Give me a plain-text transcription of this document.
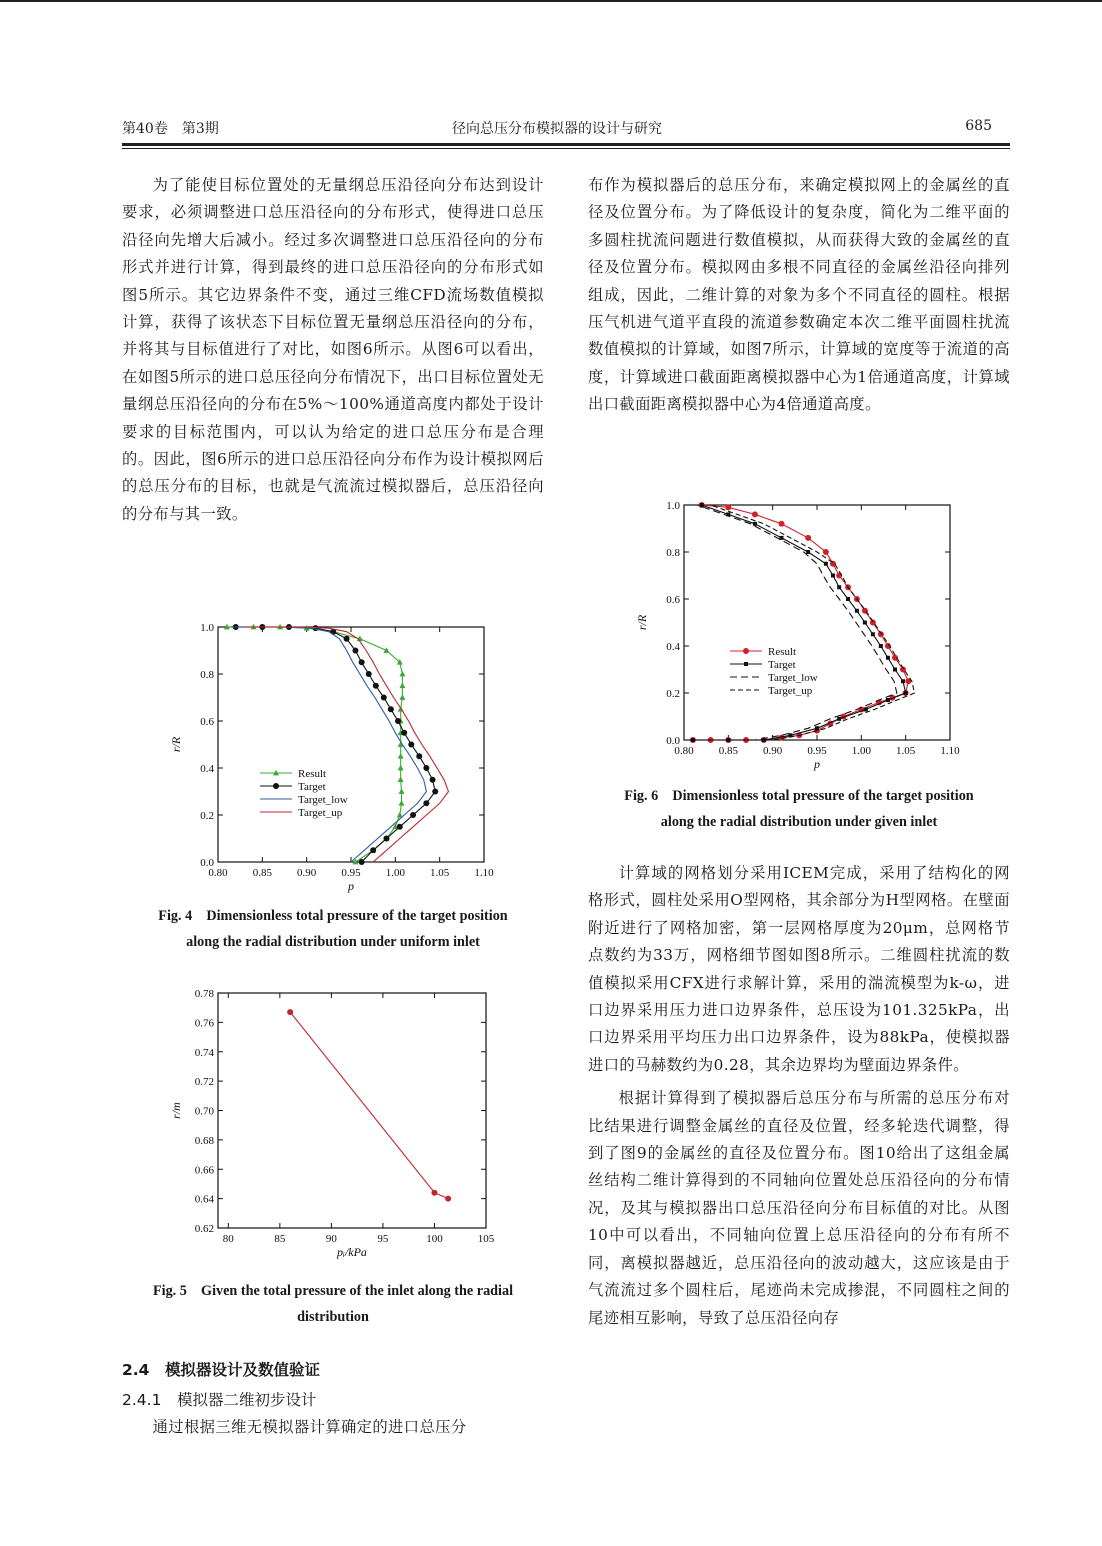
第40卷　第3期	径向总压分布模拟器的设计与研究	685

为了能使目标位置处的无量纲总压沿径向分布达到设计要求，必须调整进口总压沿径向的分布形式，使得进口总压沿径向先增大后减小。经过多次调整进口总压沿径向的分布形式并进行计算，得到最终的进口总压沿径向的分布形式如图5所示。其它边界条件不变，通过三维CFD流场数值模拟计算，获得了该状态下目标位置无量纲总压沿径向的分布，并将其与目标值进行了对比，如图6所示。从图6可以看出，在如图5所示的进口总压径向分布情况下，出口目标位置处无量纲总压沿径向的分布在5%～100%通道高度内都处于设计要求的目标范围内，可以认为给定的进口总压分布是合理的。因此，图6所示的进口总压沿径向分布作为设计模拟网后的总压分布的目标，也就是气流流过模拟器后，总压沿径向的分布与其一致。

0.80 0.85 0.90 0.95 1.00 1.05 1.10
0.0
0.2
0.4
0.6
0.8
1.0
p
r/R
Result
Target
Target_low
Target_up
Fig. 4　Dimensionless total pressure of the target position
along the radial distribution under uniform inlet
80	85	90	95	100	105
0.62
0.64
0.66
0.68
0.70
0.72
0.74
0.76
0.78
pᵢ/kPa
r/m
Fig. 5　Given the total pressure of the inlet along the radial
distribution
2.4　模拟器设计及数值验证
2.4.1　模拟器二维初步设计

通过根据三维无模拟器计算确定的进口总压分

布作为模拟器后的总压分布，来确定模拟网上的金属丝的直径及位置分布。为了降低设计的复杂度，简化为二维平面的多圆柱扰流问题进行数值模拟，从而获得大致的金属丝的直径及位置分布。模拟网由多根不同直径的金属丝沿径向排列组成，因此，二维计算的对象为多个不同直径的圆柱。根据压气机进气道平直段的流道参数确定本次二维平面圆柱扰流数值模拟的计算域，如图7所示，计算域的宽度等于流道的高度，计算域进口截面距离模拟器中心为1倍通道高度，计算域出口截面距离模拟器中心为4倍通道高度。

0.80 0.85 0.90 0.95 1.00 1.05 1.10
0.0
0.2
0.4
0.6
0.8
1.0
p
r/R
Result
Target
Target_low
Target_up
Fig. 6　Dimensionless total pressure of the target position
along the radial distribution under given inlet

计算域的网格划分采用ICEM完成，采用了结构化的网格形式，圆柱处采用O型网格，其余部分为H型网格。在壁面附近进行了网格加密，第一层网格厚度为20μm，总网格节点数约为33万，网格细节图如图8所示。二维圆柱扰流的数值模拟采用CFX进行求解计算，采用的湍流模型为k-ω，进口边界采用压力进口边界条件，总压设为101.325kPa，出口边界采用平均压力出口边界条件，设为88kPa，使模拟器进口的马赫数约为0.28，其余边界均为壁面边界条件。

根据计算得到了模拟器后总压分布与所需的总压分布对比结果进行调整金属丝的直径及位置，经多轮迭代调整，得到了图9的金属丝的直径及位置分布。图10给出了这组金属丝结构二维计算得到的不同轴向位置处总压沿径向的分布情况，及其与模拟器出口总压沿径向分布目标值的对比。从图10中可以看出，不同轴向位置上总压沿径向的分布有所不同，离模拟器越近，总压沿径向的波动越大，这应该是由于气流流过多个圆柱后，尾迹尚未完成掺混，不同圆柱之间的尾迹相互影响，导致了总压沿径向存
